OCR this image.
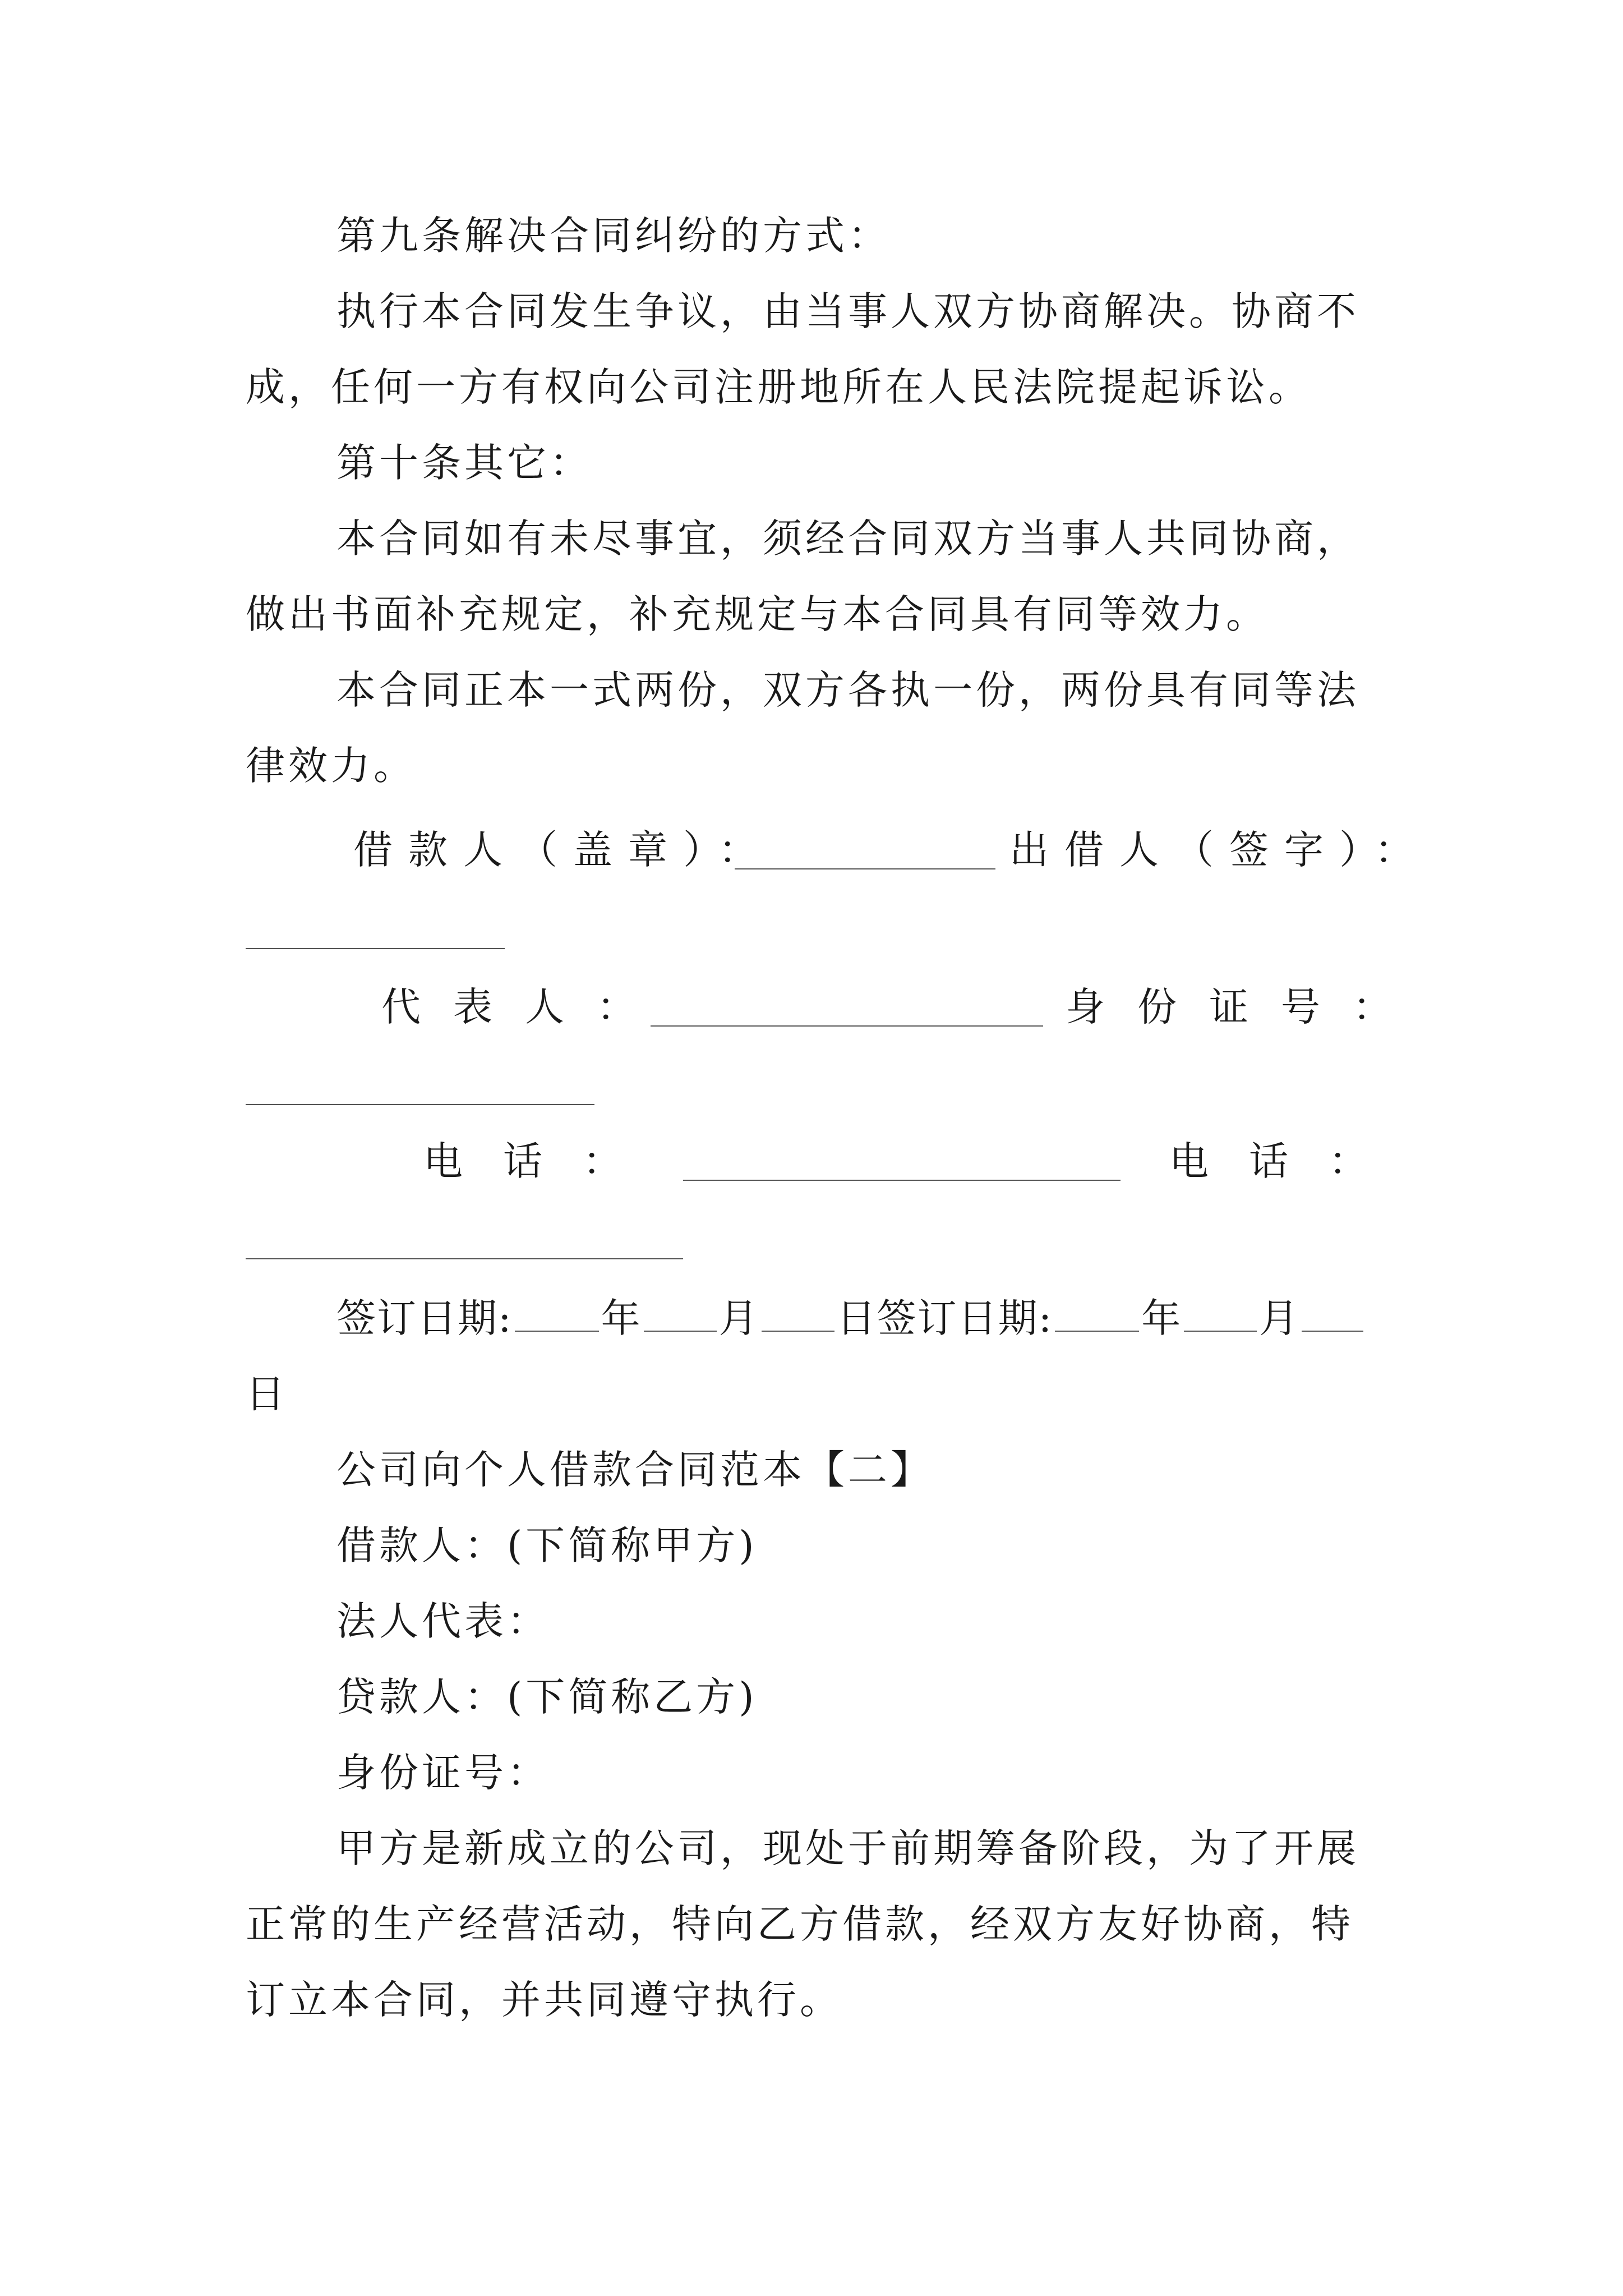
第九条解决合同纠纷的方式：
执行本合同发生争议，由当事人双方协商解决。协商不
成，任何一方有权向公司注册地所在人民法院提起诉讼。
第十条其它：
本合同如有未尽事宜，须经合同双方当事人共同协商，
做出书面补充规定，补充规定与本合同具有同等效力。
本合同正本一式两份，双方各执一份，两份具有同等法
律效力。
借款人（盖章）：	出借人（签字）：
代表人：	身份证号：
电话：	电话：
签订日期: 年 月 日签订日期: 年 月
日
公司向个人借款合同范本【二】
借款人：(下简称甲方)
法人代表：
贷款人：(下简称乙方)
身份证号：
甲方是新成立的公司，现处于前期筹备阶段，为了开展
正常的生产经营活动，特向乙方借款，经双方友好协商，特
订立本合同，并共同遵守执行。
